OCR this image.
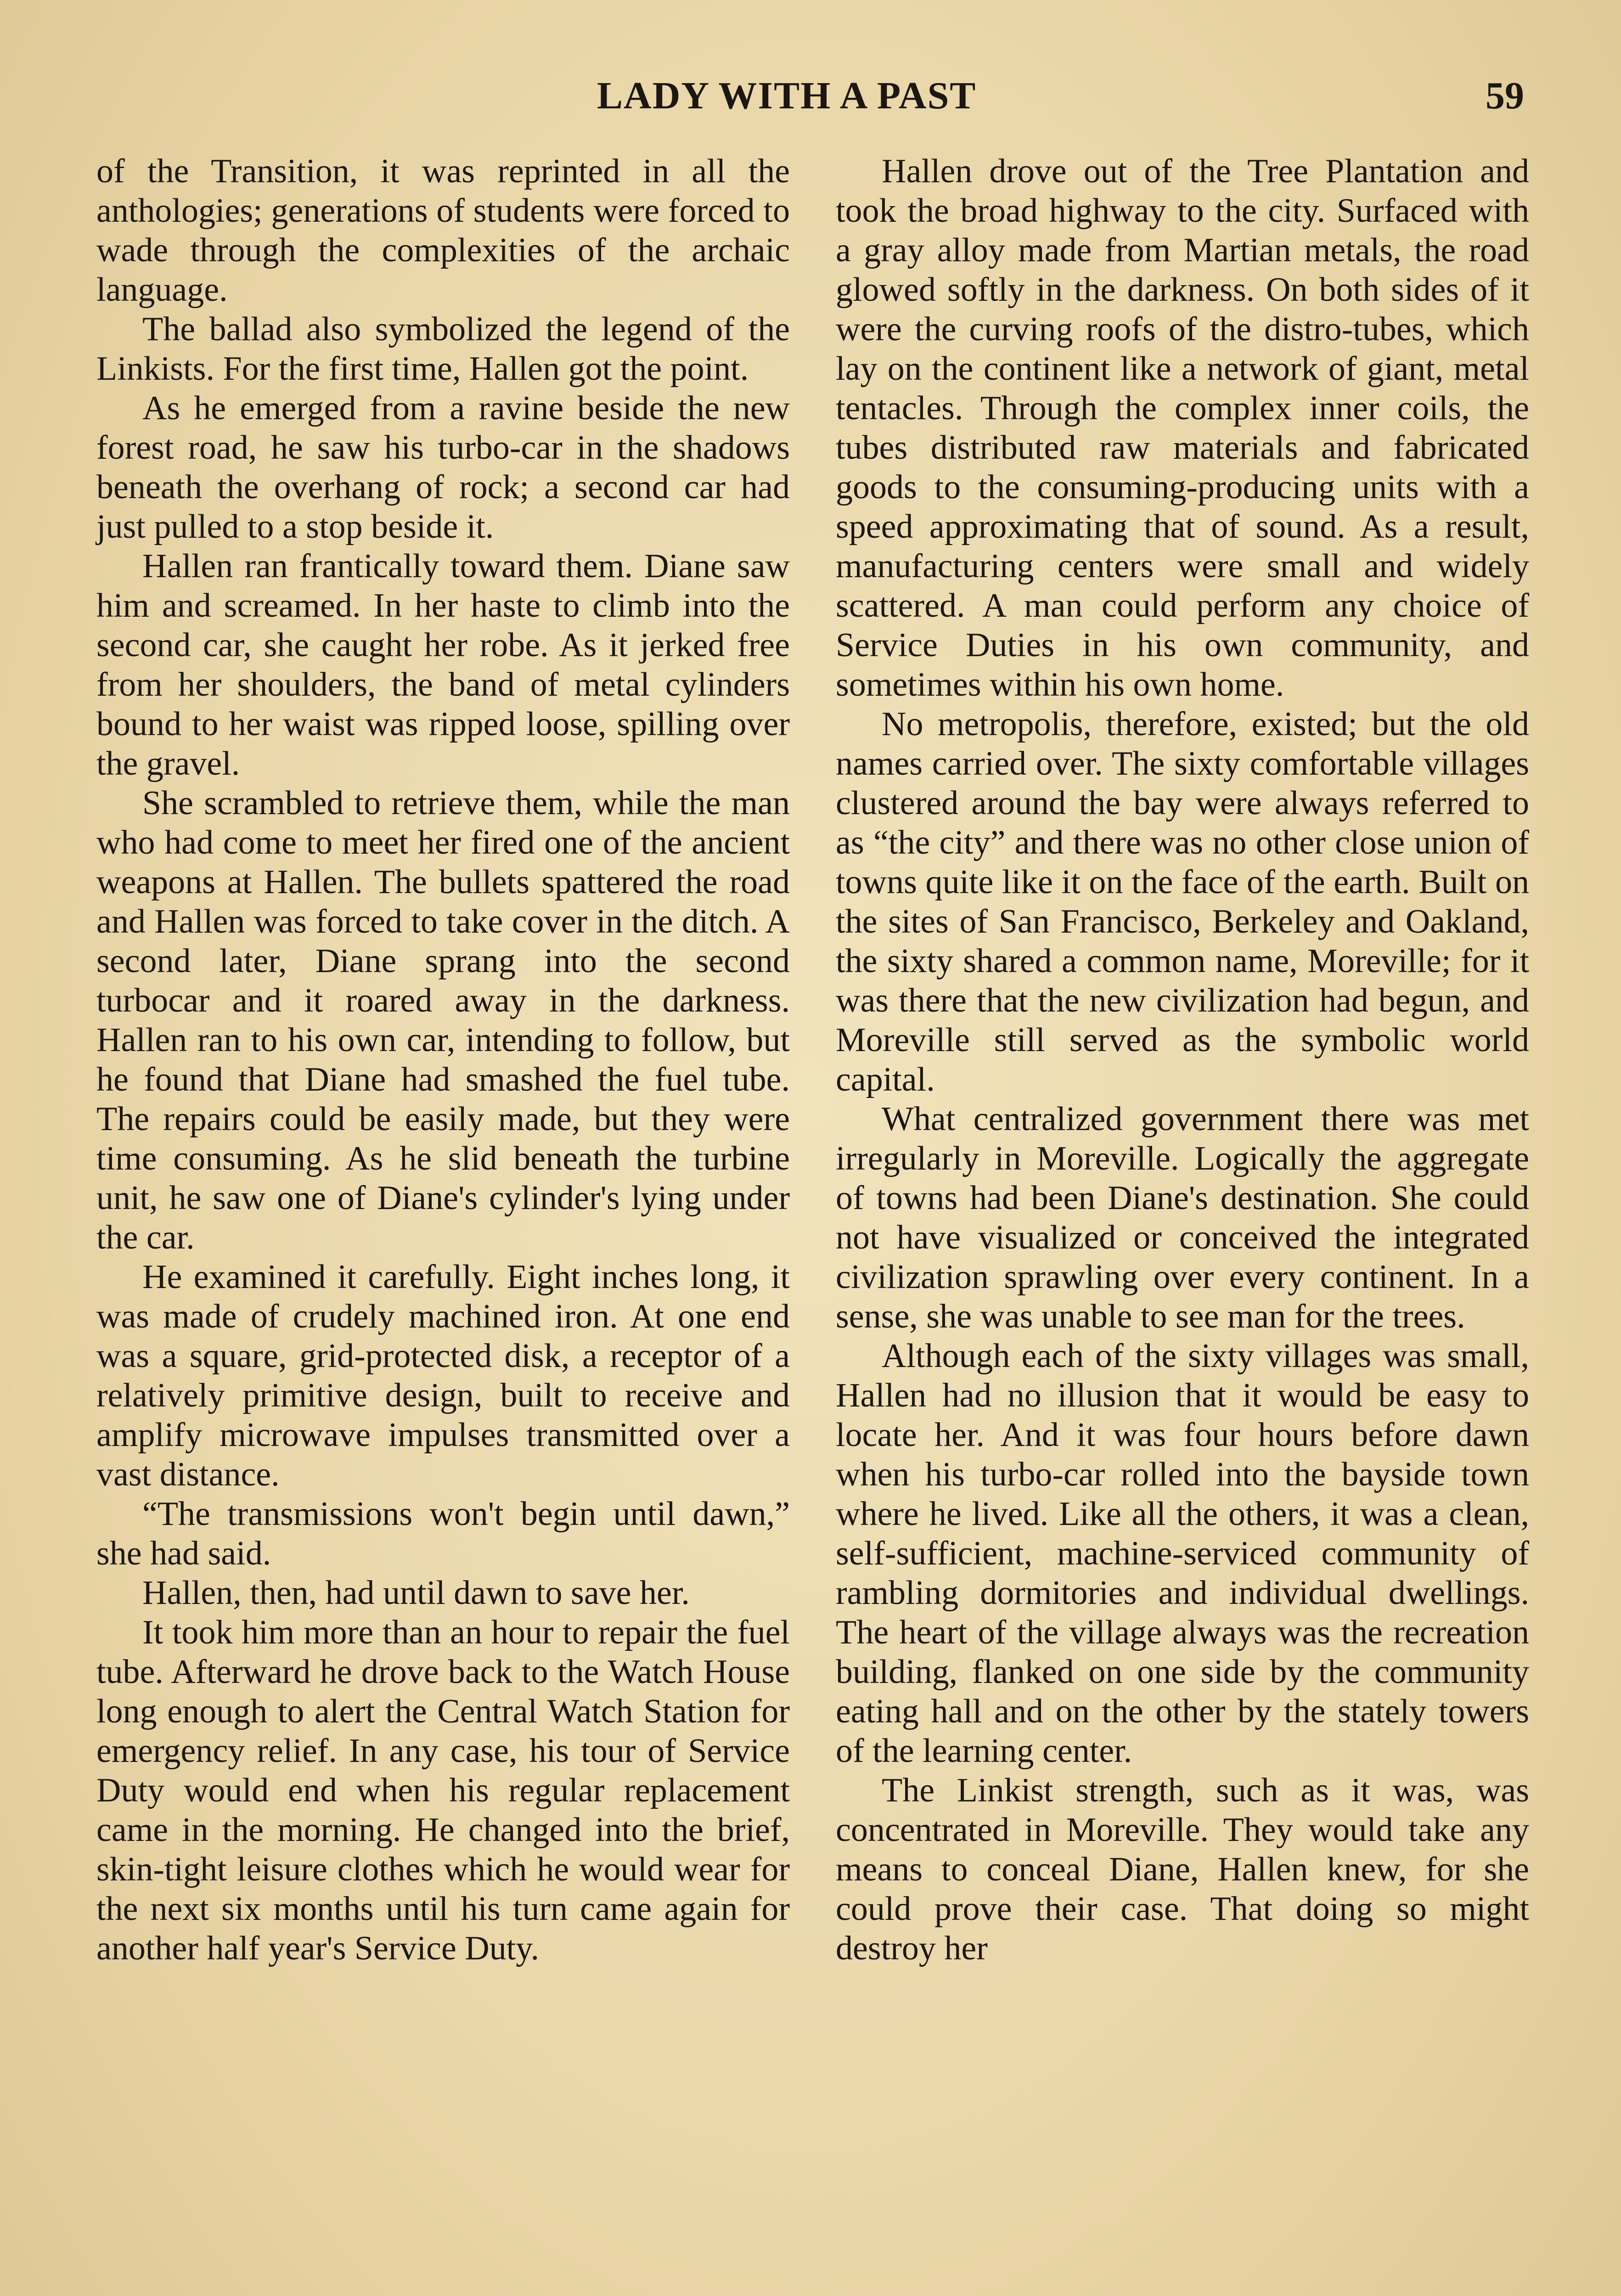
LADY WITH A PAST	59

of the Transition, it was reprinted in all the anthologies; generations of students were forced to wade through the complexities of the archaic language.

The ballad also symbolized the legend of the Linkists. For the first time, Hallen got the point.

As he emerged from a ravine beside the new forest road, he saw his turbo-car in the shadows beneath the overhang of rock; a second car had just pulled to a stop beside it.

Hallen ran frantically toward them. Diane saw him and screamed. In her haste to climb into the second car, she caught her robe. As it jerked free from her shoulders, the band of metal cylinders bound to her waist was ripped loose, spilling over the gravel.

She scrambled to retrieve them, while the man who had come to meet her fired one of the ancient weapons at Hallen. The bullets spattered the road and Hallen was forced to take cover in the ditch. A second later, Diane sprang into the second turbocar and it roared away in the darkness. Hallen ran to his own car, intending to follow, but he found that Diane had smashed the fuel tube. The repairs could be easily made, but they were time consuming. As he slid beneath the turbine unit, he saw one of Diane's cylinder's lying under the car.

He examined it carefully. Eight inches long, it was made of crudely machined iron. At one end was a square, grid-protected disk, a receptor of a relatively primitive design, built to receive and amplify microwave impulses transmitted over a vast distance.

“The transmissions won't begin until dawn,” she had said.

Hallen, then, had until dawn to save her.

It took him more than an hour to repair the fuel tube. Afterward he drove back to the Watch House long enough to alert the Central Watch Station for emergency relief. In any case, his tour of Service Duty would end when his regular replacement came in the morning. He changed into the brief, skin-tight leisure clothes which he would wear for the next six months until his turn came again for another half year's Service Duty.

Hallen drove out of the Tree Plantation and took the broad highway to the city. Surfaced with a gray alloy made from Martian metals, the road glowed softly in the darkness. On both sides of it were the curving roofs of the distro-tubes, which lay on the continent like a network of giant, metal tentacles. Through the complex inner coils, the tubes distributed raw materials and fabricated goods to the consuming-producing units with a speed approximating that of sound. As a result, manufacturing centers were small and widely scattered. A man could perform any choice of Service Duties in his own community, and sometimes within his own home.

No metropolis, therefore, existed; but the old names carried over. The sixty comfortable villages clustered around the bay were always referred to as “the city” and there was no other close union of towns quite like it on the face of the earth. Built on the sites of San Francisco, Berkeley and Oakland, the sixty shared a common name, Moreville; for it was there that the new civilization had begun, and Moreville still served as the symbolic world capital.

What centralized government there was met irregularly in Moreville. Logically the aggregate of towns had been Diane's destination. She could not have visualized or conceived the integrated civilization sprawling over every continent. In a sense, she was unable to see man for the trees.

Although each of the sixty villages was small, Hallen had no illusion that it would be easy to locate her. And it was four hours before dawn when his turbo-car rolled into the bayside town where he lived. Like all the others, it was a clean, self-sufficient, machine-serviced community of rambling dormitories and individual dwellings. The heart of the village always was the recreation building, flanked on one side by the community eating hall and on the other by the stately towers of the learning center.

The Linkist strength, such as it was, was concentrated in Moreville. They would take any means to conceal Diane, Hallen knew, for she could prove their case. That doing so might destroy her
